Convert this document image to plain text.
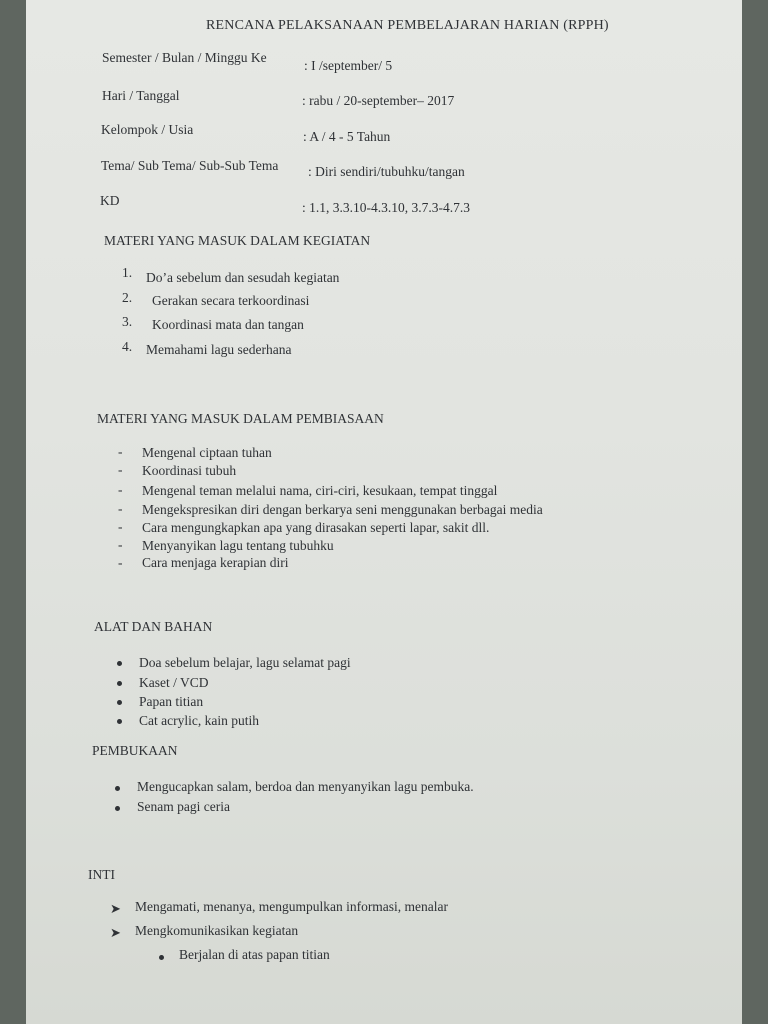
RENCANA PELAKSANAAN PEMBELAJARAN HARIAN (RPPH)
Semester / Bulan / Minggu Ke
: I /september/ 5
Hari / Tanggal	: rabu / 20-september– 2017
Kelompok / Usia	: A / 4 - 5 Tahun
Tema/ Sub Tema/ Sub-Sub Tema : Diri sendiri/tubuhku/tangan
KD	: 1.1, 3.3.10-4.3.10, 3.7.3-4.7.3
MATERI YANG MASUK DALAM KEGIATAN
1. Do’a sebelum dan sesudah kegiatan
2. Gerakan secara terkoordinasi
3. Koordinasi mata dan tangan
4. Memahami lagu sederhana
MATERI YANG MASUK DALAM PEMBIASAAN
- Mengenal ciptaan tuhan
- Koordinasi tubuh
- Mengenal teman melalui nama, ciri-ciri, kesukaan, tempat tinggal
- Mengekspresikan diri dengan berkarya seni menggunakan berbagai media
- Cara mengungkapkan apa yang dirasakan seperti lapar, sakit dll.
- Menyanyikan lagu tentang tubuhku
- Cara menjaga kerapian diri
ALAT DAN BAHAN
Doa sebelum belajar, lagu selamat pagi
Kaset / VCD
Papan titian
Cat acrylic, kain putih
PEMBUKAAN
Mengucapkan salam, berdoa dan menyanyikan lagu pembuka.
Senam pagi ceria
INTI
➤ Mengamati, menanya, mengumpulkan informasi, menalar
➤ Mengkomunikasikan kegiatan
Berjalan di atas papan titian
